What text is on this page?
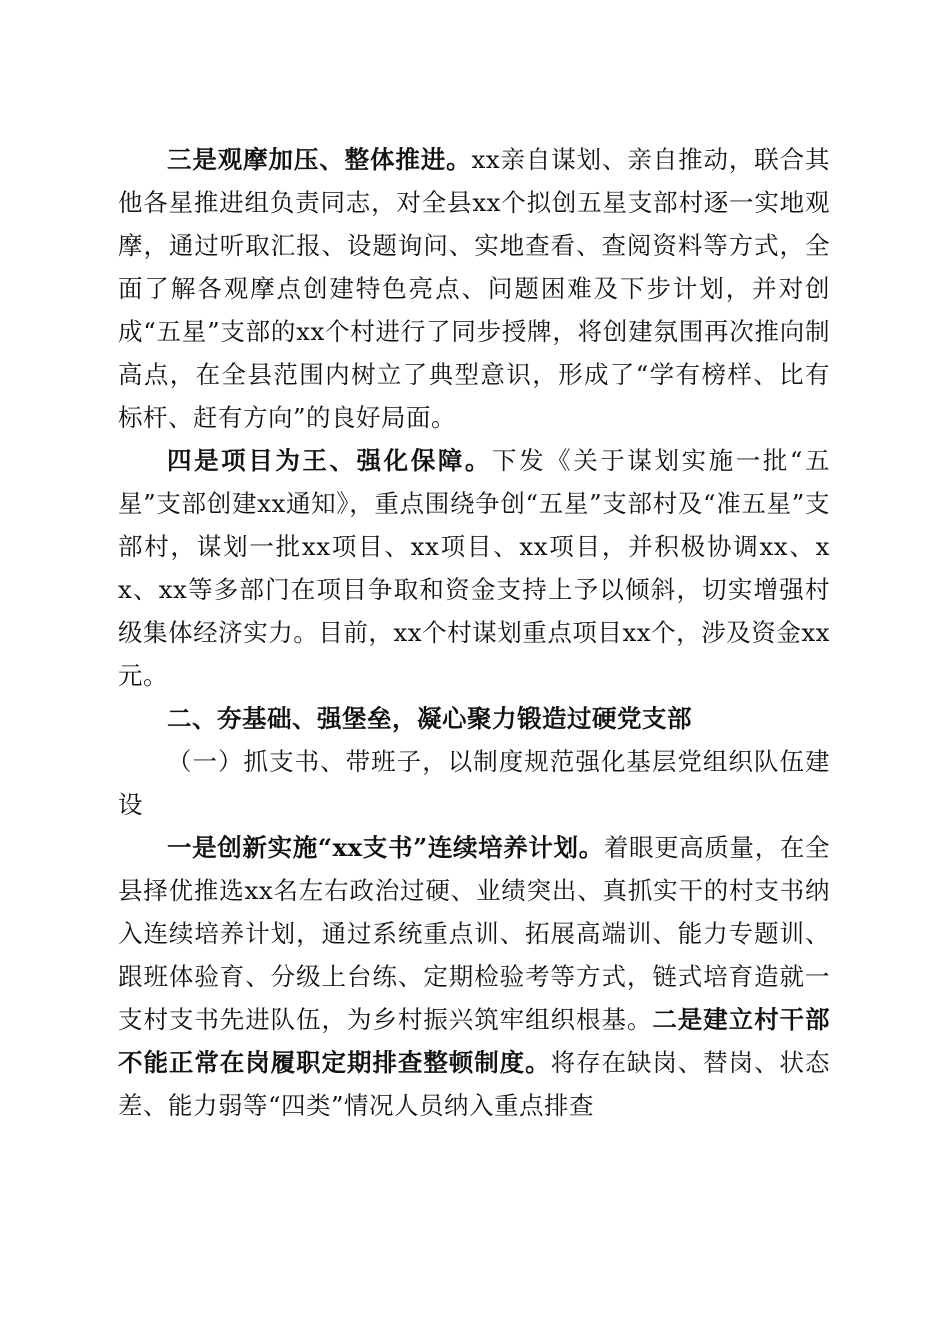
三是观摩加压、整体推进。xx亲自谋划、亲自推动，联合其他各星推进组负责同志，对全县xx个拟创五星支部村逐一实地观摩，通过听取汇报、设题询问、实地查看、查阅资料等方式，全面了解各观摩点创建特色亮点、问题困难及下步计划，并对创成“五星”支部的xx个村进行了同步授牌，将创建氛围再次推向制高点，在全县范围内树立了典型意识，形成了“学有榜样、比有标杆、赶有方向”的良好局面。

四是项目为王、强化保障。下发《关于谋划实施一批“五星”支部创建xx通知》，重点围绕争创“五星”支部村及“准五星”支部村，谋划一批xx项目、xx项目、xx项目，并积极协调xx、xx、xx等多部门在项目争取和资金支持上予以倾斜，切实增强村级集体经济实力。目前，xx个村谋划重点项目xx个，涉及资金xx元。

二、夯基础、强堡垒，凝心聚力锻造过硬党支部

（一）抓支书、带班子，以制度规范强化基层党组织队伍建设

一是创新实施“xx支书”连续培养计划。着眼更高质量，在全县择优推选xx名左右政治过硬、业绩突出、真抓实干的村支书纳入连续培养计划，通过系统重点训、拓展高端训、能力专题训、跟班体验育、分级上台练、定期检验考等方式，链式培育造就一支村支书先进队伍，为乡村振兴筑牢组织根基。二是建立村干部不能正常在岗履职定期排查整顿制度。将存在缺岗、替岗、状态差、能力弱等“四类”情况人员纳入重点排查
